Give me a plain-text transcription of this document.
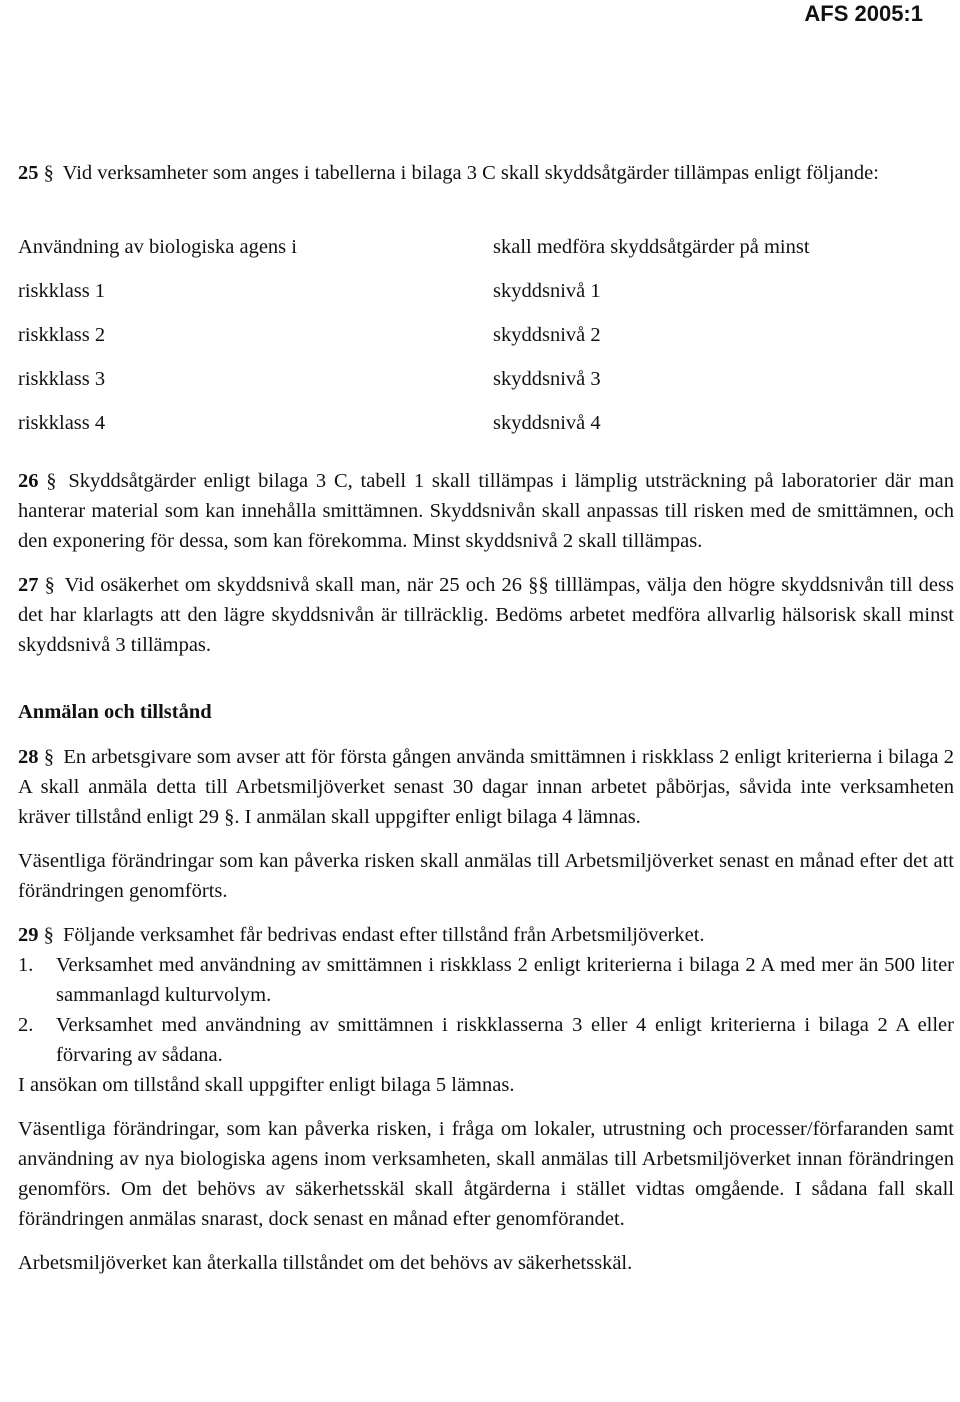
AFS 2005:1

25 § Vid verksamheter som anges i tabellerna i bilaga 3 C skall skyddsåtgärder tillämpas enligt följande:

Användning av biologiska agens i	skall medföra skyddsåtgärder på minst
riskklass 1	skyddsnivå 1
riskklass 2	skyddsnivå 2
riskklass 3	skyddsnivå 3
riskklass 4	skyddsnivå 4

26 § Skyddsåtgärder enligt bilaga 3 C, tabell 1 skall tillämpas i lämplig utsträckning på laboratorier där man hanterar material som kan innehålla smittämnen. Skyddsnivån skall anpassas till risken med de smittämnen, och den exponering för dessa, som kan förekomma. Minst skyddsnivå 2 skall tillämpas.

27 § Vid osäkerhet om skyddsnivå skall man, när 25 och 26 §§ tilllämpas, välja den högre skyddsnivån till dess det har klarlagts att den lägre skyddsnivån är tillräcklig. Bedöms arbetet medföra allvarlig hälsorisk skall minst skyddsnivå 3 tillämpas.

Anmälan och tillstånd

28 § En arbetsgivare som avser att för första gången använda smittämnen i riskklass 2 enligt kriterierna i bilaga 2 A skall anmäla detta till Arbetsmiljöverket senast 30 dagar innan arbetet påbörjas, såvida inte verksamheten kräver tillstånd enligt 29 §. I anmälan skall uppgifter enligt bilaga 4 lämnas.

Väsentliga förändringar som kan påverka risken skall anmälas till Arbetsmiljöverket senast en månad efter det att förändringen genomförts.

29 § Följande verksamhet får bedrivas endast efter tillstånd från Arbetsmiljöverket.

1.	Verksamhet med användning av smittämnen i riskklass 2 enligt kriterierna i bilaga 2 A med mer än 500 liter sammanlagd kulturvolym.
2.	Verksamhet med användning av smittämnen i riskklasserna 3 eller 4 enligt kriterierna i bilaga 2 A eller förvaring av sådana.

I ansökan om tillstånd skall uppgifter enligt bilaga 5 lämnas.

Väsentliga förändringar, som kan påverka risken, i fråga om lokaler, utrustning och processer/förfaranden samt användning av nya biologiska agens inom verksamheten, skall anmälas till Arbetsmiljöverket innan förändringen genomförs. Om det behövs av säkerhetsskäl skall åtgärderna i stället vidtas omgående. I sådana fall skall förändringen anmälas snarast, dock senast en månad efter genomförandet.

Arbetsmiljöverket kan återkalla tillståndet om det behövs av säkerhetsskäl.
